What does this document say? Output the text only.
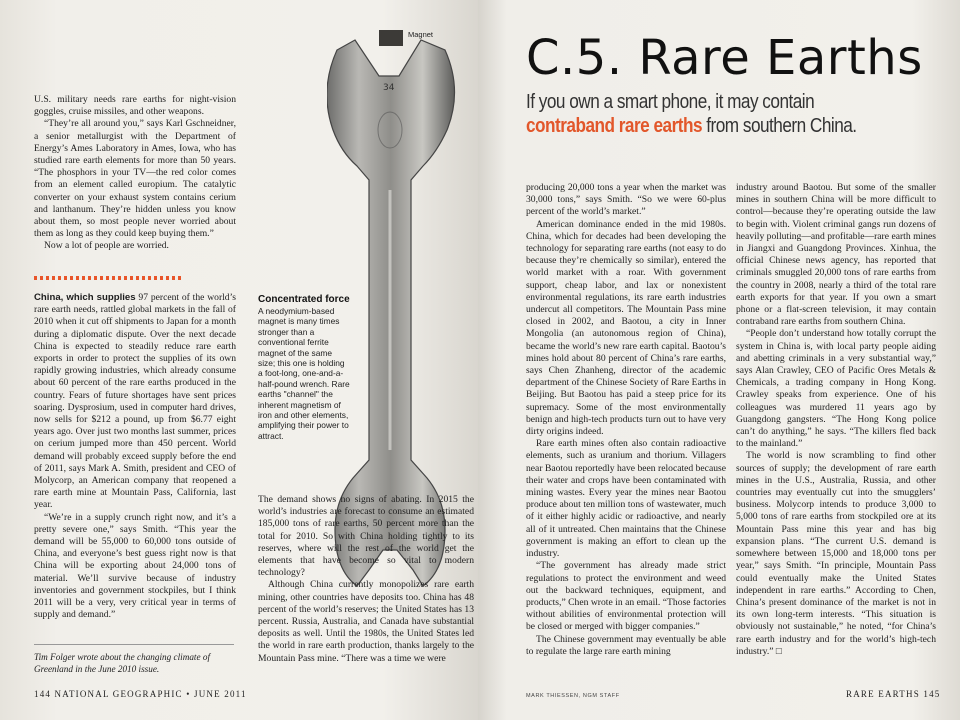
U.S. military needs rare earths for night-vision goggles, cruise missiles, and other weapons.

“They’re all around you,” says Karl Gschneidner, a senior metallurgist with the Department of Energy’s Ames Laboratory in Ames, Iowa, who has studied rare earth elements for more than 50 years. “The phosphors in your TV—the red color comes from an element called europium. The catalytic converter on your exhaust system contains cerium and lanthanum. They’re hidden unless you know about them, so most people never worried about them as long as they could keep buying them.”

Now a lot of people are worried.

China, which supplies 97 percent of the world’s rare earth needs, rattled global markets in the fall of 2010 when it cut off shipments to Japan for a month during a diplomatic dispute. Over the next decade China is expected to steadily reduce rare earth exports in order to protect the supplies of its own rapidly growing industries, which already consume about 60 percent of the rare earths produced in the country. Fears of future shortages have sent prices soaring. Dysprosium, used in computer hard drives, now sells for $212 a pound, up from $6.77 eight years ago. Over just two months last summer, prices on cerium jumped more than 450 percent. World demand will probably exceed supply before the end of 2011, says Mark A. Smith, president and CEO of Molycorp, an American company that reopened a rare earth mine at Mountain Pass, California, last year.

“We’re in a supply crunch right now, and it’s a pretty severe one,” says Smith. “This year the demand will be 55,000 to 60,000 tons outside of China, and everyone’s best guess right now is that China will be exporting about 24,000 tons of material. We’ll survive because of industry inventories and government stockpiles, but I think 2011 will be a very, very critical year in terms of supply and demand.”

Tim Folger wrote about the changing climate of Greenland in the June 2010 issue.
Concentrated force
A neodymium-based magnet is many times stronger than a conventional ferrite magnet of the same size; this one is holding a foot-long, one-and-a-half-pound wrench. Rare earths "channel" the inherent magnetism of iron and other elements, amplifying their power to attract.
34
Magnet

The demand shows no signs of abating. In 2015 the world’s industries are forecast to consume an estimated 185,000 tons of rare earths, 50 percent more than the total for 2010. So with China holding tightly to its reserves, where will the rest of the world get the elements that have become so vital to modern technology?

Although China currently monopolizes rare earth mining, other countries have deposits too. China has 48 percent of the world’s reserves; the United States has 13 percent. Russia, Australia, and Canada have substantial deposits as well. Until the 1980s, the United States led the world in rare earth production, thanks largely to the Mountain Pass mine. “There was a time we were

144 NATIONAL GEOGRAPHIC • JUNE 2011
C.5. Rare Earths
If you own a smart phone, it may contain
contraband rare earths from southern China.

producing 20,000 tons a year when the market was 30,000 tons,” says Smith. “So we were 60-plus percent of the world’s market.”

American dominance ended in the mid 1980s. China, which for decades had been developing the technology for separating rare earths (not easy to do because they’re chemically so similar), entered the world market with a roar. With government support, cheap labor, and lax or nonexistent environmental regulations, its rare earth industries undercut all competitors. The Mountain Pass mine closed in 2002, and Baotou, a city in Inner Mongolia (an autonomous region of China), became the world’s new rare earth capital. Baotou’s mines hold about 80 percent of China’s rare earths, says Chen Zhanheng, director of the academic department of the Chinese Society of Rare Earths in Beijing. But Baotou has paid a steep price for its supremacy. Some of the most environmentally benign and high-tech products turn out to have very dirty origins indeed.

Rare earth mines often also contain radioactive elements, such as uranium and thorium. Villagers near Baotou reportedly have been relocated because their water and crops have been contaminated with mining wastes. Every year the mines near Baotou produce about ten million tons of wastewater, much of it either highly acidic or radioactive, and nearly all of it untreated. Chen maintains that the Chinese government is making an effort to clean up the industry.

“The government has already made strict regulations to protect the environment and weed out the backward techniques, equipment, and products,” Chen wrote in an email. “Those factories without abilities of environmental protection will be closed or merged with bigger companies.”

The Chinese government may eventually be able to regulate the large rare earth mining

industry around Baotou. But some of the smaller mines in southern China will be more difficult to control—because they’re operating outside the law to begin with. Violent criminal gangs run dozens of heavily polluting—and profitable—rare earth mines in Jiangxi and Guangdong Provinces. Xinhua, the official Chinese news agency, has reported that criminals smuggled 20,000 tons of rare earths from the country in 2008, nearly a third of the total rare earth exports for that year. If you own a smart phone or a flat-screen television, it may contain contraband rare earths from southern China.

“People don’t understand how totally corrupt the system in China is, with local party people aiding and abetting criminals in a very substantial way,” says Alan Crawley, CEO of Pacific Ores Metals & Chemicals, a trading company in Hong Kong. Crawley speaks from experience. One of his colleagues was murdered 11 years ago by Guangdong gangsters. “The Hong Kong police can’t do anything,” he says. “The killers fled back to the mainland.”

The world is now scrambling to find other sources of supply; the development of rare earth mines in the U.S., Australia, Russia, and other countries may eventually cut into the smugglers’ business. Molycorp intends to produce 3,000 to 5,000 tons of rare earths from stockpiled ore at its Mountain Pass mine this year and has big expansion plans. “The current U.S. demand is somewhere between 15,000 and 18,000 tons per year,” says Smith. “In principle, Mountain Pass could eventually make the United States independent in rare earths.” According to Chen, China’s present dominance of the market is not in its own long-term interests. “This situation is obviously not sustainable,” he noted, “for China’s rare earth industry and for the world’s high-tech industry.” □

MARK THIESSEN, NGM STAFF	RARE EARTHS 145
